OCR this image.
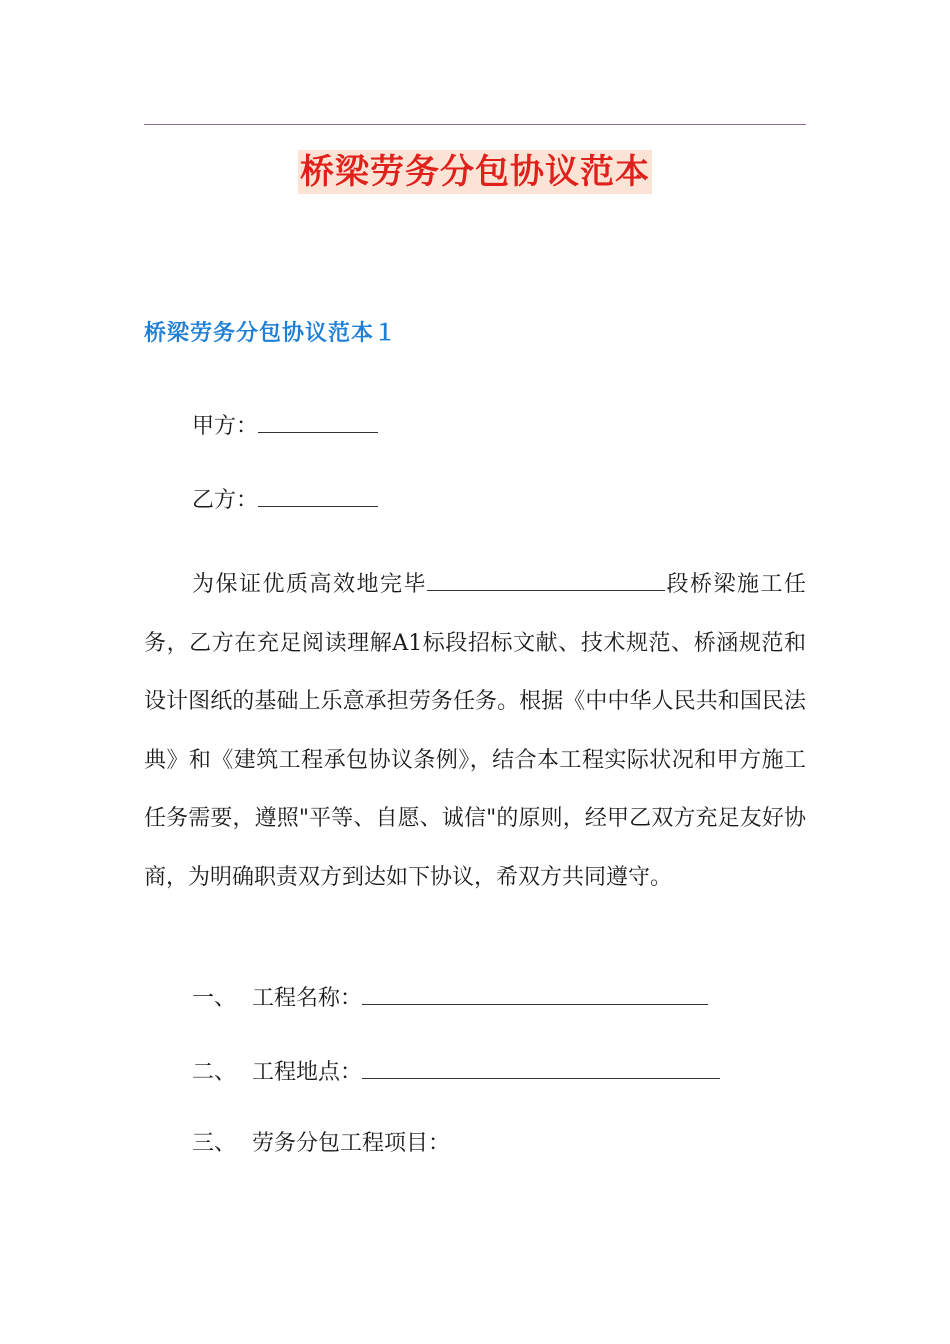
桥梁劳务分包协议范本
桥梁劳务分包协议范本１
甲方：
乙方：
为保证优质高效地完毕	段桥梁施工任务，乙方在充足阅读理解A1标段招标文献、技术规范、桥涵规范和设计图纸的基础上乐意承担劳务任务。根据《中中华人民共和国民法典》和《建筑工程承包协议条例》，结合本工程实际状况和甲方施工任务需要，遵照"平等、自愿、诚信"的原则，经甲乙双方充足友好协商，为明确职责双方到达如下协议，希双方共同遵守。
一、 工程名称：
二、 工程地点：
三、 劳务分包工程项目：
